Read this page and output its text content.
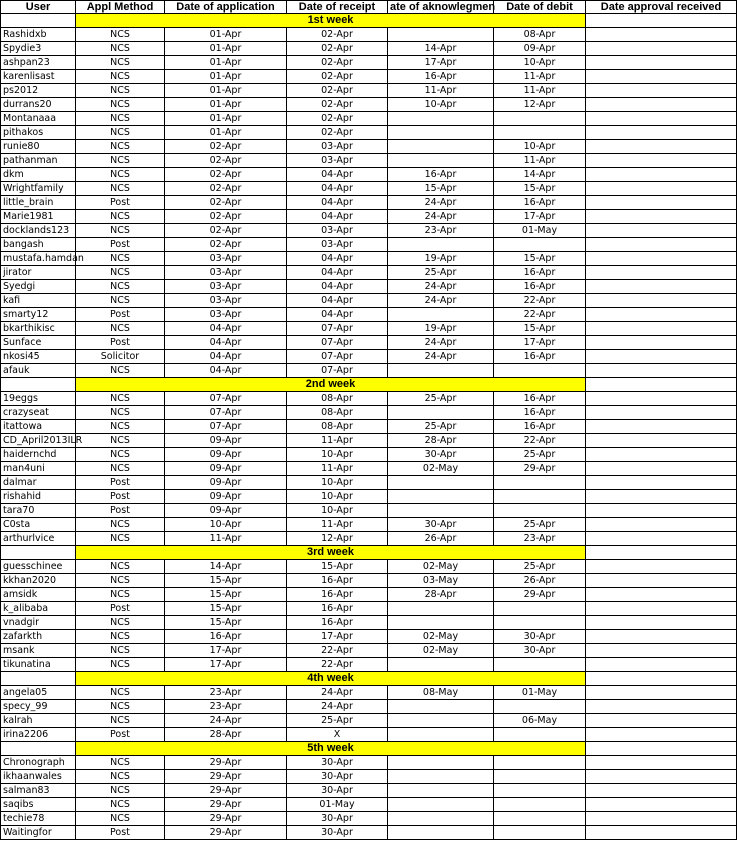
User	Appl Method	Date of application	Date of receipt	ate of aknowlegmen	Date of debit	Date approval received
	1st week					
Rashidxb	NCS	01-Apr	02-Apr		08-Apr	
Spydie3	NCS	01-Apr	02-Apr	14-Apr	09-Apr	
ashpan23	NCS	01-Apr	02-Apr	17-Apr	10-Apr	
karenlisast	NCS	01-Apr	02-Apr	16-Apr	11-Apr	
ps2012	NCS	01-Apr	02-Apr	11-Apr	11-Apr	
durrans20	NCS	01-Apr	02-Apr	10-Apr	12-Apr	
Montanaaa	NCS	01-Apr	02-Apr			
pithakos	NCS	01-Apr	02-Apr			
runie80	NCS	02-Apr	03-Apr		10-Apr	
pathanman	NCS	02-Apr	03-Apr		11-Apr	
dkm	NCS	02-Apr	04-Apr	16-Apr	14-Apr	
Wrightfamily	NCS	02-Apr	04-Apr	15-Apr	15-Apr	
little_brain	Post	02-Apr	04-Apr	24-Apr	16-Apr	
Marie1981	NCS	02-Apr	04-Apr	24-Apr	17-Apr	
docklands123	NCS	02-Apr	03-Apr	23-Apr	01-May	
bangash	Post	02-Apr	03-Apr			
mustafa.hamdan	NCS	03-Apr	04-Apr	19-Apr	15-Apr	
jirator	NCS	03-Apr	04-Apr	25-Apr	16-Apr	
Syedgi	NCS	03-Apr	04-Apr	24-Apr	16-Apr	
kafi	NCS	03-Apr	04-Apr	24-Apr	22-Apr	
smarty12	Post	03-Apr	04-Apr		22-Apr	
bkarthikisc	NCS	04-Apr	07-Apr	19-Apr	15-Apr	
Sunface	Post	04-Apr	07-Apr	24-Apr	17-Apr	
nkosi45	Solicitor	04-Apr	07-Apr	24-Apr	16-Apr	
afauk	NCS	04-Apr	07-Apr			
	2nd week					
19eggs	NCS	07-Apr	08-Apr	25-Apr	16-Apr	
crazyseat	NCS	07-Apr	08-Apr		16-Apr	
itattowa	NCS	07-Apr	08-Apr	25-Apr	16-Apr	
CD_April2013ILR	NCS	09-Apr	11-Apr	28-Apr	22-Apr	
haidernchd	NCS	09-Apr	10-Apr	30-Apr	25-Apr	
man4uni	NCS	09-Apr	11-Apr	02-May	29-Apr	
dalmar	Post	09-Apr	10-Apr			
rishahid	Post	09-Apr	10-Apr			
tara70	Post	09-Apr	10-Apr			
C0sta	NCS	10-Apr	11-Apr	30-Apr	25-Apr	
arthurlvice	NCS	11-Apr	12-Apr	26-Apr	23-Apr	
	3rd week					
guesschinee	NCS	14-Apr	15-Apr	02-May	25-Apr	
kkhan2020	NCS	15-Apr	16-Apr	03-May	26-Apr	
amsidk	NCS	15-Apr	16-Apr	28-Apr	29-Apr	
k_alibaba	Post	15-Apr	16-Apr			
vnadgir	NCS	15-Apr	16-Apr			
zafarkth	NCS	16-Apr	17-Apr	02-May	30-Apr	
msank	NCS	17-Apr	22-Apr	02-May	30-Apr	
tikunatina	NCS	17-Apr	22-Apr			
	4th week					
angela05	NCS	23-Apr	24-Apr	08-May	01-May	
specy_99	NCS	23-Apr	24-Apr			
kalrah	NCS	24-Apr	25-Apr		06-May	
irina2206	Post	28-Apr	X			
	5th week					
Chronograph	NCS	29-Apr	30-Apr			
ikhaanwales	NCS	29-Apr	30-Apr			
salman83	NCS	29-Apr	30-Apr			
saqibs	NCS	29-Apr	01-May			
techie78	NCS	29-Apr	30-Apr			
Waitingfor	Post	29-Apr	30-Apr			
